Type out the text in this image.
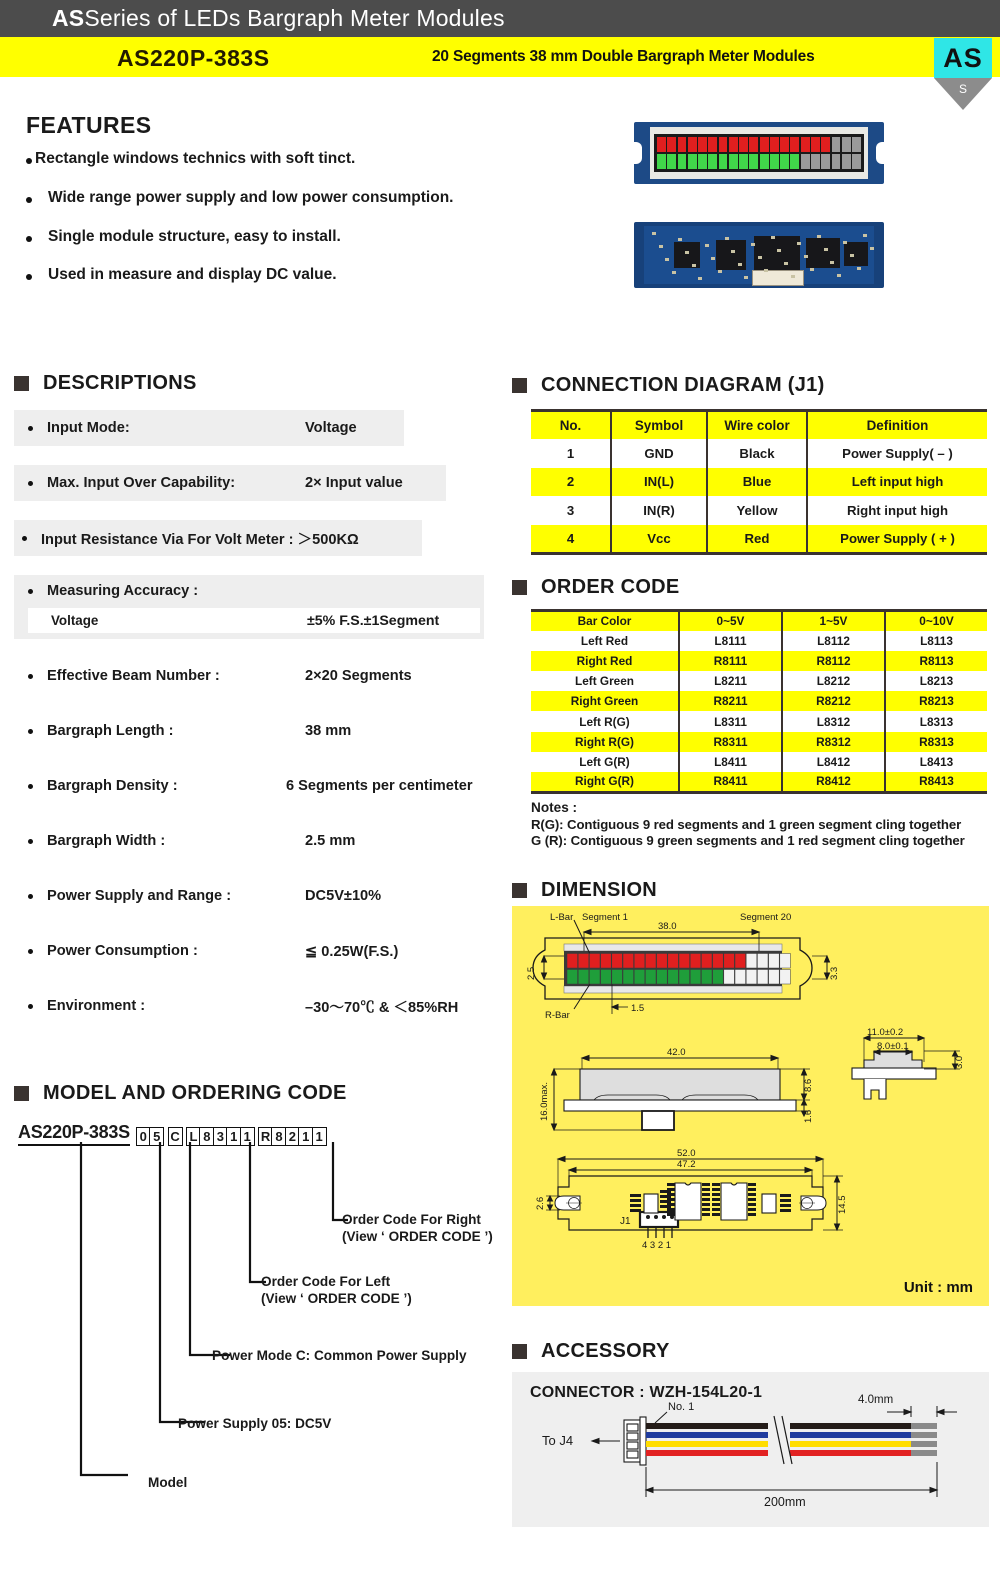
ASSeries of LEDs Bargraph Meter Modules
AS220P-383S	20 Segments 38 mm Double Bargraph Meter Modules	AS
S
FEATURES
Rectangle windows technics with soft tinct.
Wide range power supply and low power consumption.
Single module structure, easy to install.
Used in measure and display DC value.
DESCRIPTIONS
Input Mode:	Voltage
Max. Input Over Capability:	2× Input value
Input Resistance Via For Volt Meter : ＞500KΩ
Measuring Accuracy :
Voltage	±5% F.S.±1Segment
Effective Beam Number :	2×20 Segments
Bargraph Length :	38 mm
Bargraph Density :	6 Segments per centimeter
Bargraph Width :	2.5 mm
Power Supply and Range :	DC5V±10%
Power Consumption :	≦ 0.25W(F.S.)
Environment :	–30～70℃ & ＜85%RH
CONNECTION DIAGRAM (J1)
No.	Symbol	Wire color	Definition
1	GND	Black	Power Supply( – )
2	IN(L)	Blue	Left input high
3	IN(R)	Yellow	Right input high
4	Vcc	Red	Power Supply ( + )
ORDER CODE
Bar Color	0~5V	1~5V	0~10V
Left Red	L8111	L8112	L8113
Right Red	R8111	R8112	R8113
Left Green	L8211	L8212	L8213
Right Green	R8211	R8212	R8213
Left R(G)	L8311	L8312	L8313
Right R(G)	R8311	R8312	R8313
Left G(R)	L8411	L8412	L8413
Right G(R)	R8411	R8412	R8413
Notes :
R(G): Contiguous 9 red segments and 1 green segment cling together
G (R): Contiguous 9 green segments and 1 red segment cling together
MODEL AND ORDERING CODE
AS220P-383S 0 5 C L 8 3 1 1 R 8 2 1 1
Order Code For Right
(View ‘ ORDER CODE ’)
Order Code For Left
(View ‘ ORDER CODE ’)
Power Mode C: Common Power Supply
Power Supply 05: DC5V
Model
DIMENSION
L-Bar Segment 1	Segment 20
38.0
R-Bar
1.5
2.5	3.3
42.0
16.0max.	8.6
1.6
11.0±0.2
8.0±0.1
3.0
52.0
47.2
14.5
2.6
J1
4 3 2 1
Unit : mm
ACCESSORY
CONNECTOR : WZH-154L20-1
No. 1
200mm
4.0mm
To J4
